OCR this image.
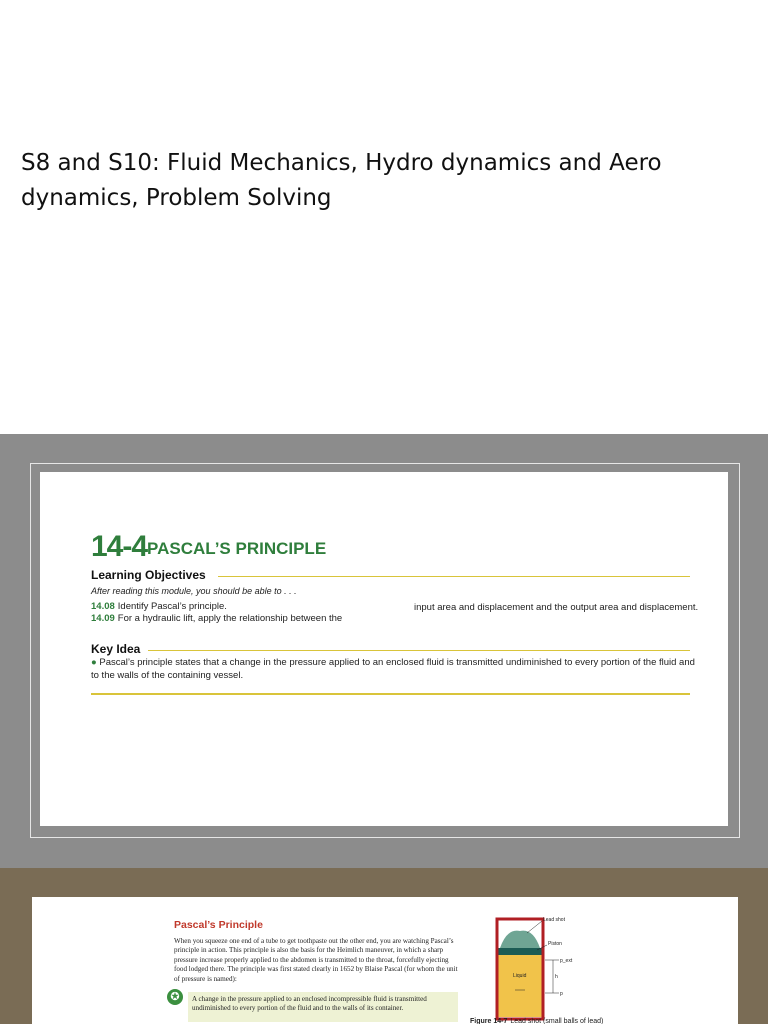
S8 and S10: Fluid Mechanics, Hydro dynamics and Aero dynamics, Problem Solving
14-4 PASCAL’S PRINCIPLE
Learning Objectives
After reading this module, you should be able to . . .
14.08 Identify Pascal’s principle.
14.09 For a hydraulic lift, apply the relationship between the
input area and displacement and the output area and displacement.
Key Idea
● Pascal’s principle states that a change in the pressure applied to an enclosed fluid is transmitted undiminished to every portion of the fluid and to the walls of the containing vessel.
Pascal’s Principle
When you squeeze one end of a tube to get toothpaste out the other end, you are watching Pascal’s principle in action. This principle is also the basis for the Heimlich maneuver, in which a sharp pressure increase properly applied to the abdomen is transmitted to the throat, forcefully ejecting food lodged there. The principle was first stated clearly in 1652 by Blaise Pascal (for whom the unit of pressure is named):
✪	A change in the pressure applied to an enclosed incompressible fluid is transmitted undiminished to every portion of the fluid and to the walls of its container.
Lead shot
Piston
Liquid
p_ext
p
h
Figure 14-7 Lead shot (small balls of lead)
